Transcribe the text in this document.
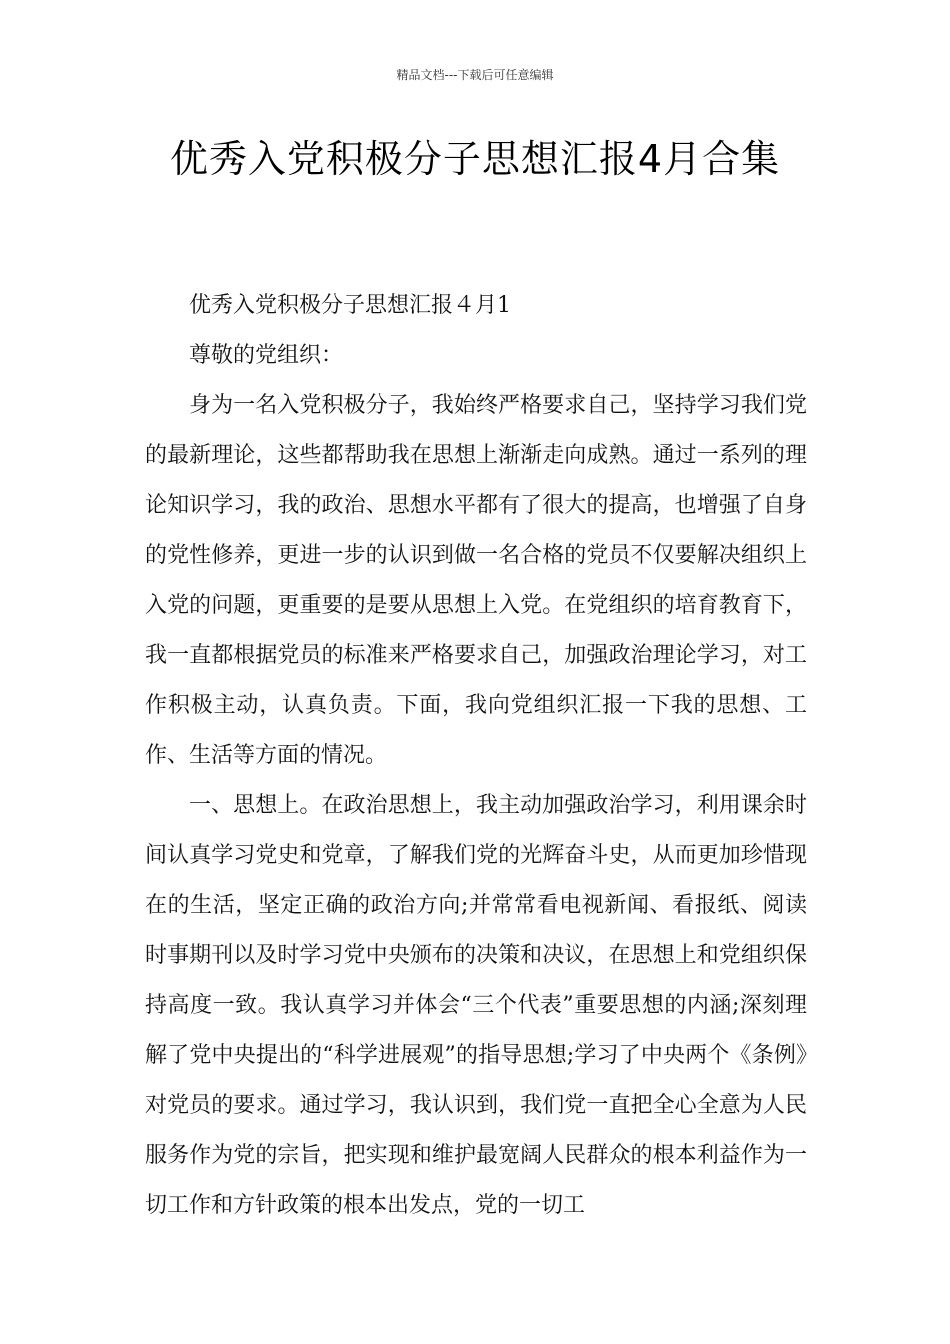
精品文档---下载后可任意编辑
优秀入党积极分子思想汇报4月合集

优秀入党积极分子思想汇报４月1

尊敬的党组织：

身为一名入党积极分子，我始终严格要求自己，坚持学习我们党的最新理论，这些都帮助我在思想上渐渐走向成熟。通过一系列的理论知识学习，我的政治、思想水平都有了很大的提高，也增强了自身的党性修养，更进一步的认识到做一名合格的党员不仅要解决组织上入党的问题，更重要的是要从思想上入党。在党组织的培育教育下，我一直都根据党员的标准来严格要求自己，加强政治理论学习，对工作积极主动，认真负责。下面，我向党组织汇报一下我的思想、工作、生活等方面的情况。

一、思想上。在政治思想上，我主动加强政治学习，利用课余时间认真学习党史和党章，了解我们党的光辉奋斗史，从而更加珍惜现在的生活，坚定正确的政治方向;并常常看电视新闻、看报纸、阅读时事期刊以及时学习党中央颁布的决策和决议，在思想上和党组织保持高度一致。我认真学习并体会“三个代表”重要思想的内涵;深刻理解了党中央提出的“科学进展观”的指导思想;学习了中央两个《条例》对党员的要求。通过学习，我认识到，我们党一直把全心全意为人民服务作为党的宗旨，把实现和维护最宽阔人民群众的根本利益作为一切工作和方针政策的根本出发点，党的一切工
